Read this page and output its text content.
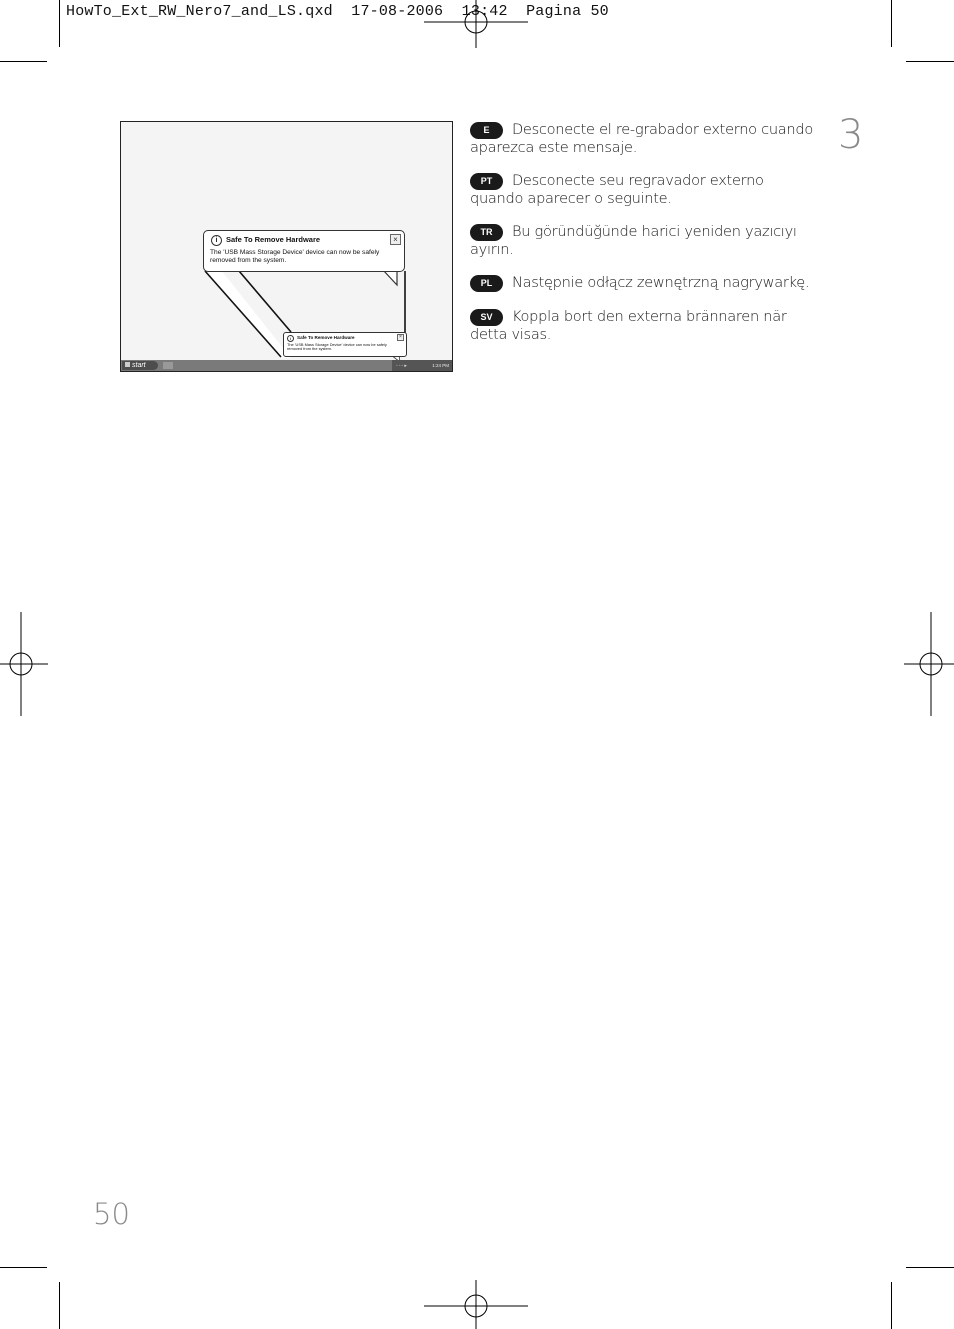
HowTo_Ext_RW_Nero7_and_LS.qxd  17-08-2006  13:42  Pagina 50
3
i	Safe To Remove Hardware	×
The 'USB Mass Storage Device' device can now be safely removed from the system.
i	Safe To Remove Hardware	×
The 'USB Mass Storage Device' device can now be safely removed from the system.
start	◦◦◦▸	1:24 PM
E Desconecte el re-grabador externo cuando aparezca este mensaje.
PT Desconecte seu regravador externo quando aparecer o seguinte.
TR Bu göründüğünde harici yeniden yazıcıyı ayırın.
PL Następnie odłącz zewnętrzną nagrywarkę.
SV Koppla bort den externa brännaren när detta visas.
50
